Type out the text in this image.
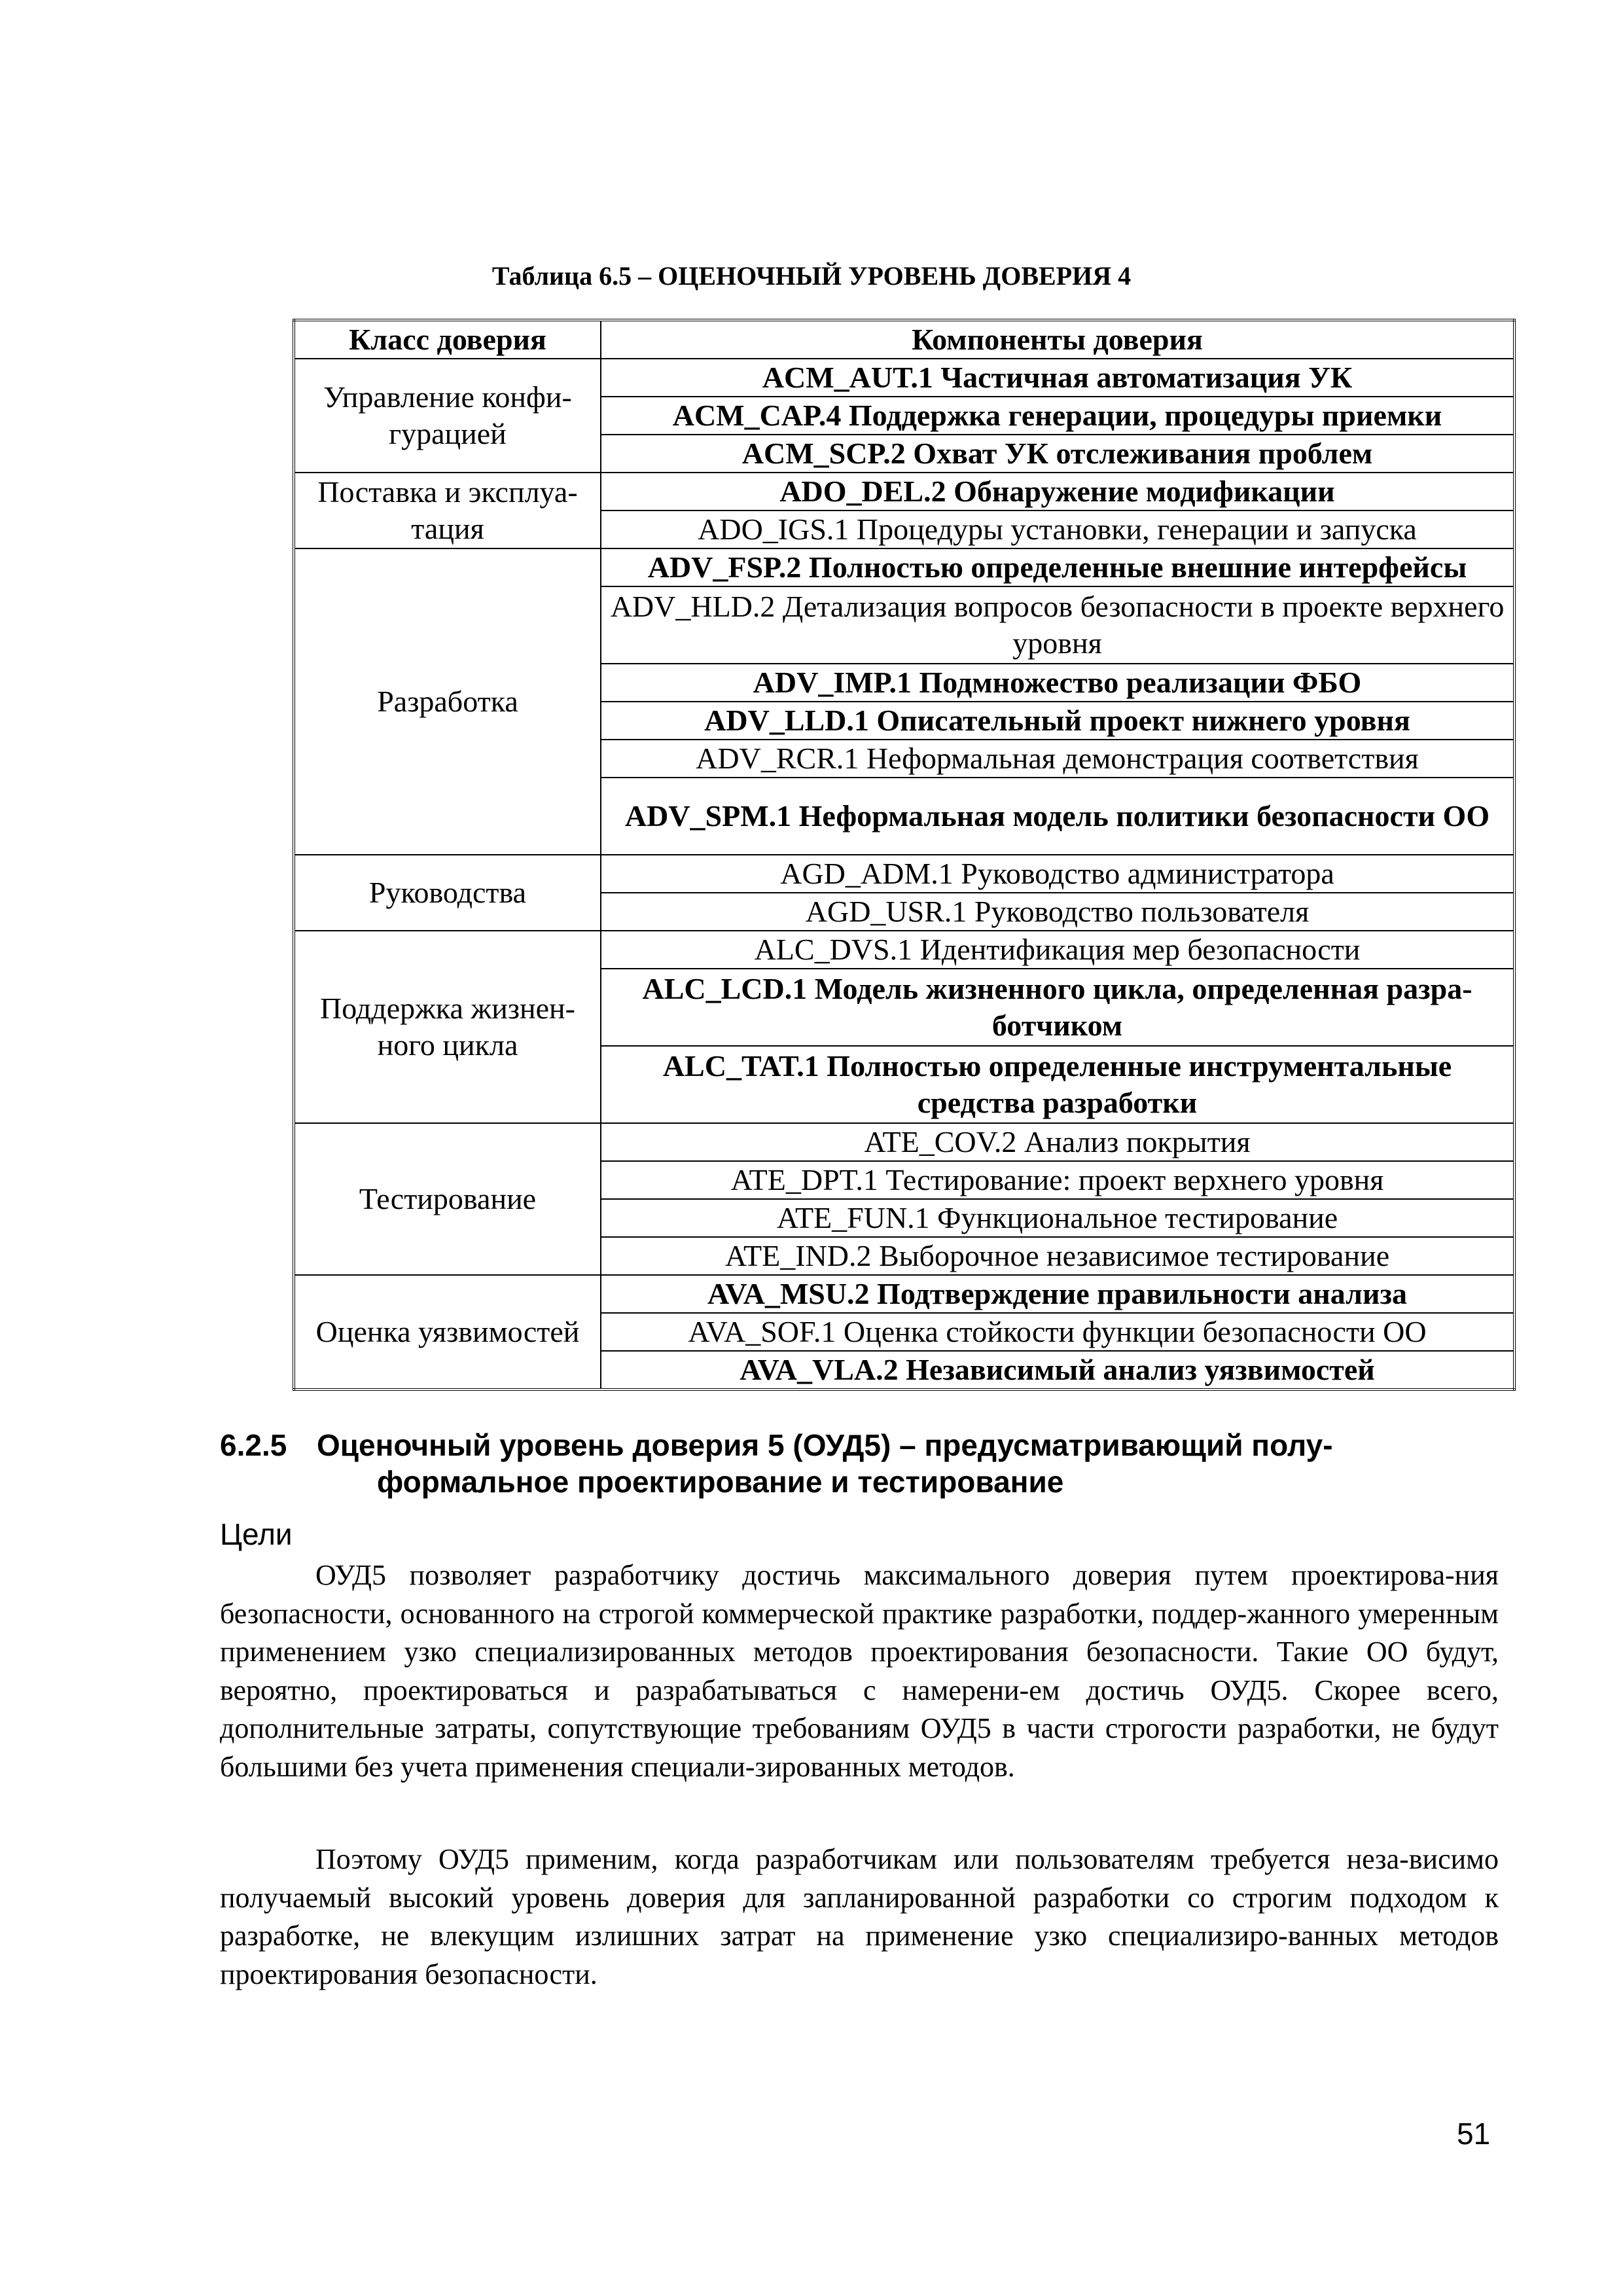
Таблица 6.5 – ОЦЕНОЧНЫЙ УРОВЕНЬ ДОВЕРИЯ 4
Класс доверия	Компоненты доверия
Управление конфи-гурацией	ACM_AUT.1 Частичная автоматизация УК
	ACM_CAP.4 Поддержка генерации, процедуры приемки
	ACM_SCP.2 Охват УК отслеживания проблем
Поставка и эксплуа-тация	ADO_DEL.2 Обнаружение модификации
	ADO_IGS.1 Процедуры установки, генерации и запуска
Разработка	ADV_FSP.2 Полностью определенные внешние интерфейсы
	ADV_HLD.2 Детализация вопросов безопасности в проекте верхнего уровня
	ADV_IMP.1 Подмножество реализации ФБО
	ADV_LLD.1 Описательный проект нижнего уровня
	ADV_RCR.1 Неформальная демонстрация соответствия
	ADV_SPM.1 Неформальная модель политики безопасности ОО
Руководства	AGD_ADM.1 Руководство администратора
	AGD_USR.1 Руководство пользователя
Поддержка жизнен-ного цикла	ALC_DVS.1 Идентификация мер безопасности
	ALC_LCD.1 Модель жизненного цикла, определенная разра-ботчиком
	ALC_TAT.1 Полностью определенные инструментальные средства разработки
Тестирование	ATE_COV.2 Анализ покрытия
	ATE_DPT.1 Тестирование: проект верхнего уровня
	ATE_FUN.1 Функциональное тестирование
	ATE_IND.2 Выборочное независимое тестирование
Оценка уязвимостей	AVA_MSU.2 Подтверждение правильности анализа
	AVA_SOF.1 Оценка стойкости функции безопасности ОО
	AVA_VLA.2 Независимый анализ уязвимостей
6.2.5 Оценочный уровень доверия 5 (ОУД5) – предусматривающий полу-
формальное проектирование и тестирование
Цели

ОУД5 позволяет разработчику достичь максимального доверия путем проектирова-ния безопасности, основанного на строгой коммерческой практике разработки, поддер-жанного умеренным применением узко специализированных методов проектирования безопасности. Такие ОО будут, вероятно, проектироваться и разрабатываться с намерени-ем достичь ОУД5. Скорее всего, дополнительные затраты, сопутствующие требованиям ОУД5 в части строгости разработки, не будут большими без учета применения специали-зированных методов.

Поэтому ОУД5 применим, когда разработчикам или пользователям требуется неза-висимо получаемый высокий уровень доверия для запланированной разработки со строгим подходом к разработке, не влекущим излишних затрат на применение узко специализиро-ванных методов проектирования безопасности.

51
